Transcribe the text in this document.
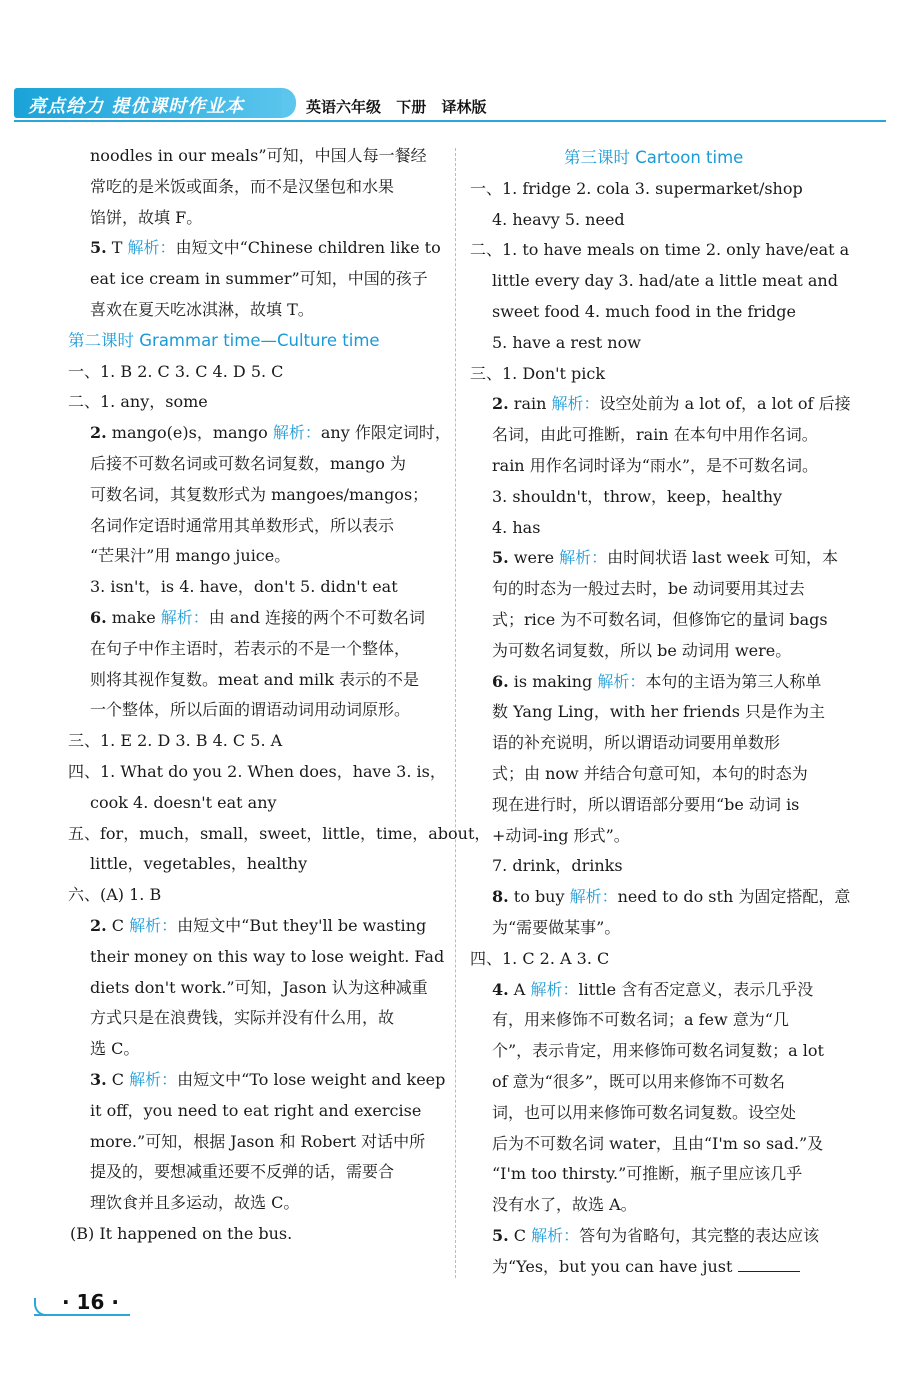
亮点给力 提优课时作业本	英语六年级 下册 译林版
noodles in our meals”可知，中国人每一餐经
常吃的是米饭或面条，而不是汉堡包和水果
馅饼，故填 F。
5. T 解析：由短文中“Chinese children like to
eat ice cream in summer”可知，中国的孩子
喜欢在夏天吃冰淇淋，故填 T。
第二课时 Grammar time—Culture time
一、1. B 2. C 3. C 4. D 5. C
二、1. any，some
2. mango(e)s，mango 解析：any 作限定词时，
后接不可数名词或可数名词复数，mango 为
可数名词，其复数形式为 mangoes/mangos；
名词作定语时通常用其单数形式，所以表示
“芒果汁”用 mango juice。
3. isn't，is 4. have，don't 5. didn't eat
6. make 解析：由 and 连接的两个不可数名词
在句子中作主语时，若表示的不是一个整体，
则将其视作复数。meat and milk 表示的不是
一个整体，所以后面的谓语动词用动词原形。
三、1. E 2. D 3. B 4. C 5. A
四、1. What do you 2. When does，have 3. is，
cook 4. doesn't eat any
五、for，much，small，sweet，little，time，about，
little，vegetables，healthy
六、(A) 1. B
2. C 解析：由短文中“But they'll be wasting
their money on this way to lose weight. Fad
diets don't work.”可知，Jason 认为这种减重
方式只是在浪费钱，实际并没有什么用，故
选 C。
3. C 解析：由短文中“To lose weight and keep
it off，you need to eat right and exercise
more.”可知，根据 Jason 和 Robert 对话中所
提及的，要想减重还要不反弹的话，需要合
理饮食并且多运动，故选 C。
(B) It happened on the bus.
第三课时 Cartoon time
一、1. fridge 2. cola 3. supermarket/shop
4. heavy 5. need
二、1. to have meals on time 2. only have/eat a
little every day 3. had/ate a little meat and
sweet food 4. much food in the fridge
5. have a rest now
三、1. Don't pick
2. rain 解析：设空处前为 a lot of，a lot of 后接
名词，由此可推断，rain 在本句中用作名词。
rain 用作名词时译为“雨水”，是不可数名词。
3. shouldn't，throw，keep，healthy
4. has
5. were 解析：由时间状语 last week 可知，本
句的时态为一般过去时，be 动词要用其过去
式；rice 为不可数名词，但修饰它的量词 bags
为可数名词复数，所以 be 动词用 were。
6. is making 解析：本句的主语为第三人称单
数 Yang Ling，with her friends 只是作为主
语的补充说明，所以谓语动词要用单数形
式；由 now 并结合句意可知，本句的时态为
现在进行时，所以谓语部分要用“be 动词 is
+动词-ing 形式”。
7. drink，drinks
8. to buy 解析：need to do sth 为固定搭配，意
为“需要做某事”。
四、1. C 2. A 3. C
4. A 解析：little 含有否定意义，表示几乎没
有，用来修饰不可数名词；a few 意为“几
个”，表示肯定，用来修饰可数名词复数；a lot
of 意为“很多”，既可以用来修饰不可数名
词，也可以用来修饰可数名词复数。设空处
后为不可数名词 water，且由“I'm so sad.”及
“I'm too thirsty.”可推断，瓶子里应该几乎
没有水了，故选 A。
5. C 解析：答句为省略句，其完整的表达应该
为“Yes，but you can have just
· 16 ·
